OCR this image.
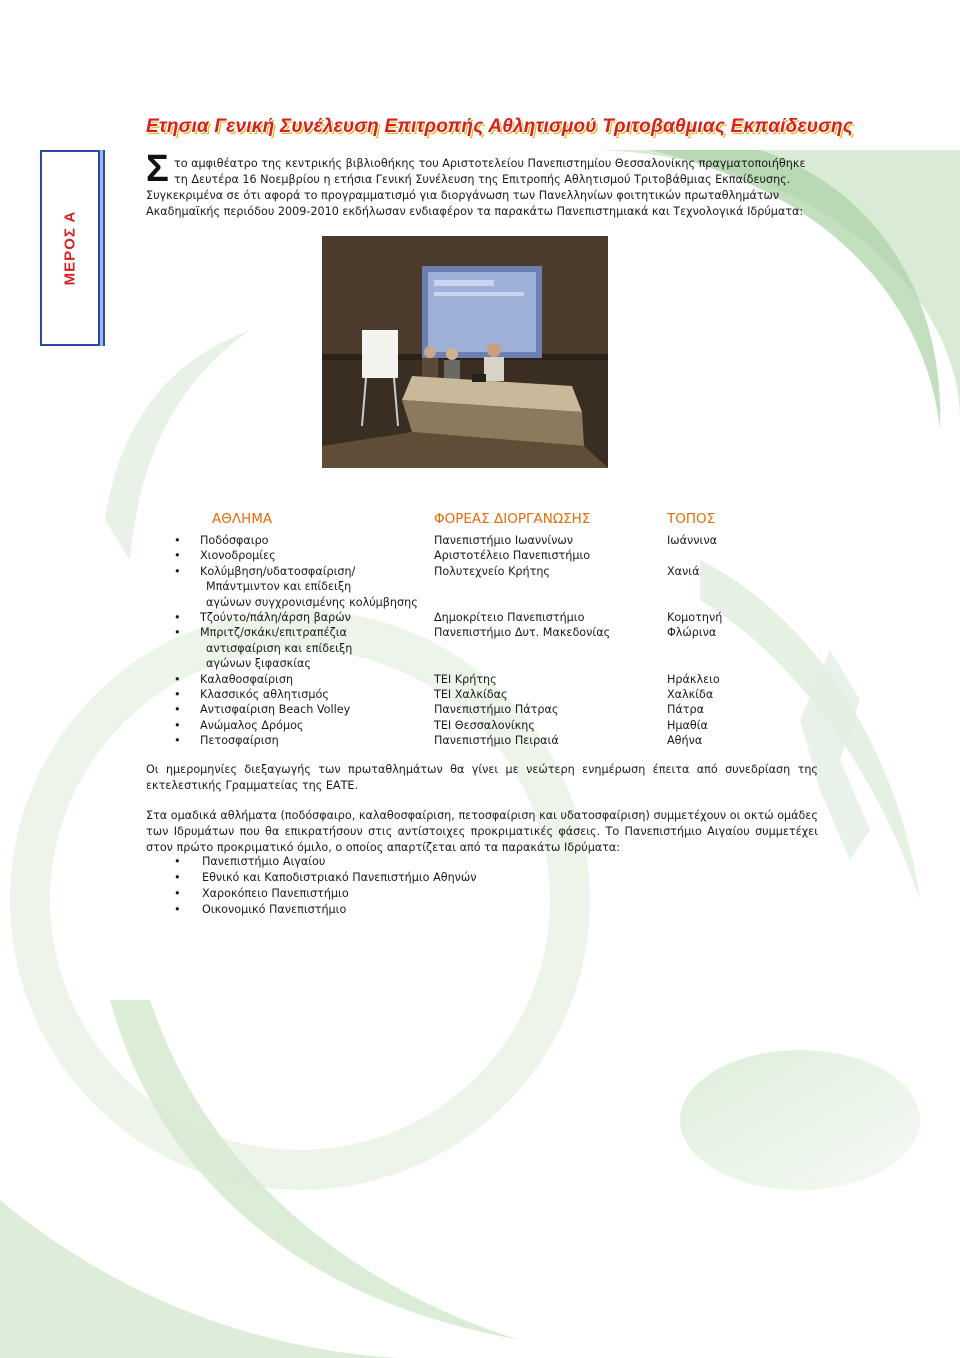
Ετησια Γενική Συνέλευση Επιτροπής Αθλητισμού Τριτοβαθμιας Εκπαίδευσης
ΜΕΡΟΣ Α
Σ το αμφιθέατρο της κεντρικής βιβλιοθήκης του Αριστοτελείου Πανεπιστημίου Θεσσαλονίκης πραγματοποιήθηκε
τη Δευτέρα 16 Νοεμβρίου η ετήσια Γενική Συνέλευση της Επιτροπής Αθλητισμού Τριτοβάθμιας Εκπαίδευσης.
Συγκεκριμένα σε ότι αφορά το προγραμματισμό για διοργάνωση των Πανελληνίων φοιτητικών πρωταθλημάτων
Ακαδημαϊκής περιόδου 2009-2010 εκδήλωσαν ενδιαφέρον τα παρακάτω Πανεπιστημιακά και Τεχνολογικά Ιδρύματα:
ΑΘΛΗΜΑ	ΦΟΡΕΑΣ ΔΙΟΡΓΑΝΩΣΗΣ	ΤΟΠΟΣ
• Ποδόσφαιρο	Πανεπιστήμιο Ιωαννίνων	Ιωάννινα
• Χιονοδρομίες	Αριστοτέλειο Πανεπιστήμιο	
• Κολύμβηση/υδατοσφαίριση/
Μπάντμιντον και επίδειξη
αγώνων συγχρονισμένης κολύμβησης	Πολυτεχνείο Κρήτης	Χανιά
• Τζούντο/πάλη/άρση βαρών	Δημοκρίτειο Πανεπιστήμιο	Κομοτηνή
• Μπριτζ/σκάκι/επιτραπέζια
αντισφαίριση και επίδειξη
αγώνων ξιφασκίας	Πανεπιστήμιο Δυτ. Μακεδονίας	Φλώρινα
• Καλαθοσφαίριση	ΤΕΙ Κρήτης	Ηράκλειο
• Κλασσικός αθλητισμός	ΤΕΙ Χαλκίδας	Χαλκίδα
• Αντισφαίριση Beach Volley	Πανεπιστήμιο Πάτρας	Πάτρα
• Ανώμαλος Δρόμος	ΤΕΙ Θεσσαλονίκης	Ημαθία
• Πετοσφαίριση	Πανεπιστήμιο Πειραιά	Αθήνα
Οι ημερομηνίες διεξαγωγής των πρωταθλημάτων θα γίνει με νεώτερη ενημέρωση έπειτα από συνεδρίαση της εκτελεστικής Γραμματείας της ΕΑΤΕ.
Στα ομαδικά αθλήματα (ποδόσφαιρο, καλαθοσφαίριση, πετοσφαίριση και υδατοσφαίριση) συμμετέχουν οι οκτώ ομάδες των Ιδρυμάτων που θα επικρατήσουν στις αντίστοιχες προκριματικές φάσεις. Το Πανεπιστήμιο Αιγαίου συμμετέχει στον πρώτο προκριματικό όμιλο, ο οποίος απαρτίζεται από τα παρακάτω Ιδρύματα:
• Πανεπιστήμιο Αιγαίου
• Εθνικό και Καποδιστριακό Πανεπιστήμιο Αθηνών
• Χαροκόπειο Πανεπιστήμιο
• Οικονομικό Πανεπιστήμιο
